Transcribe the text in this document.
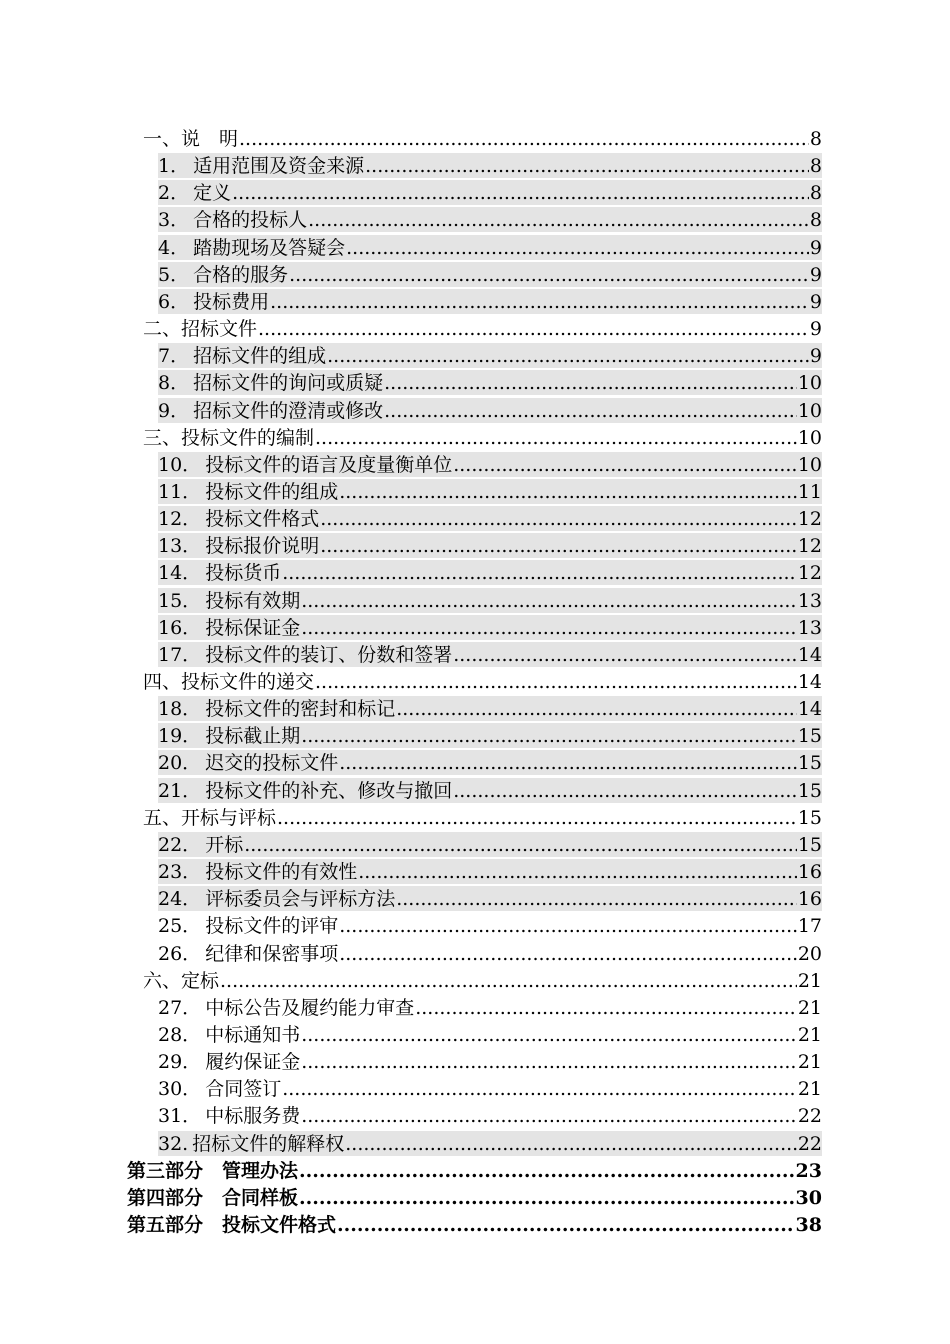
一、说　明 .....	8
1． 适用范围及资金来源 .....	8
2． 定义 .....	8
3． 合格的投标人 .....	8
4． 踏勘现场及答疑会 .....	9
5． 合格的服务 .....	9
6． 投标费用 .....	9
二、招标文件 .....	9
7． 招标文件的组成 .....	9
8． 招标文件的询问或质疑 .....	10
9． 招标文件的澄清或修改 .....	10
三、投标文件的编制 .....	10
10． 投标文件的语言及度量衡单位 .....	10
11． 投标文件的组成 .....	11
12． 投标文件格式 .....	12
13． 投标报价说明 .....	12
14． 投标货币 .....	12
15． 投标有效期 .....	13
16． 投标保证金 .....	13
17． 投标文件的装订、份数和签署 .....	14
四、投标文件的递交 .....	14
18． 投标文件的密封和标记 .....	14
19． 投标截止期 .....	15
20． 迟交的投标文件 .....	15
21． 投标文件的补充、修改与撤回 .....	15
五、开标与评标 .....	15
22． 开标 .....	15
23． 投标文件的有效性 .....	16
24． 评标委员会与评标方法 .....	16
25． 投标文件的评审 .....	17
26． 纪律和保密事项 .....	20
六、定标 .....	21
27． 中标公告及履约能力审查 .....	21
28． 中标通知书 .....	21
29． 履约保证金 .....	21
30． 合同签订 .....	21
31． 中标服务费 .....	22
32. 招标文件的解释权 .....	22
第三部分　管理办法 .....	23
第四部分　合同样板 .....	30
第五部分　投标文件格式 .....	38
